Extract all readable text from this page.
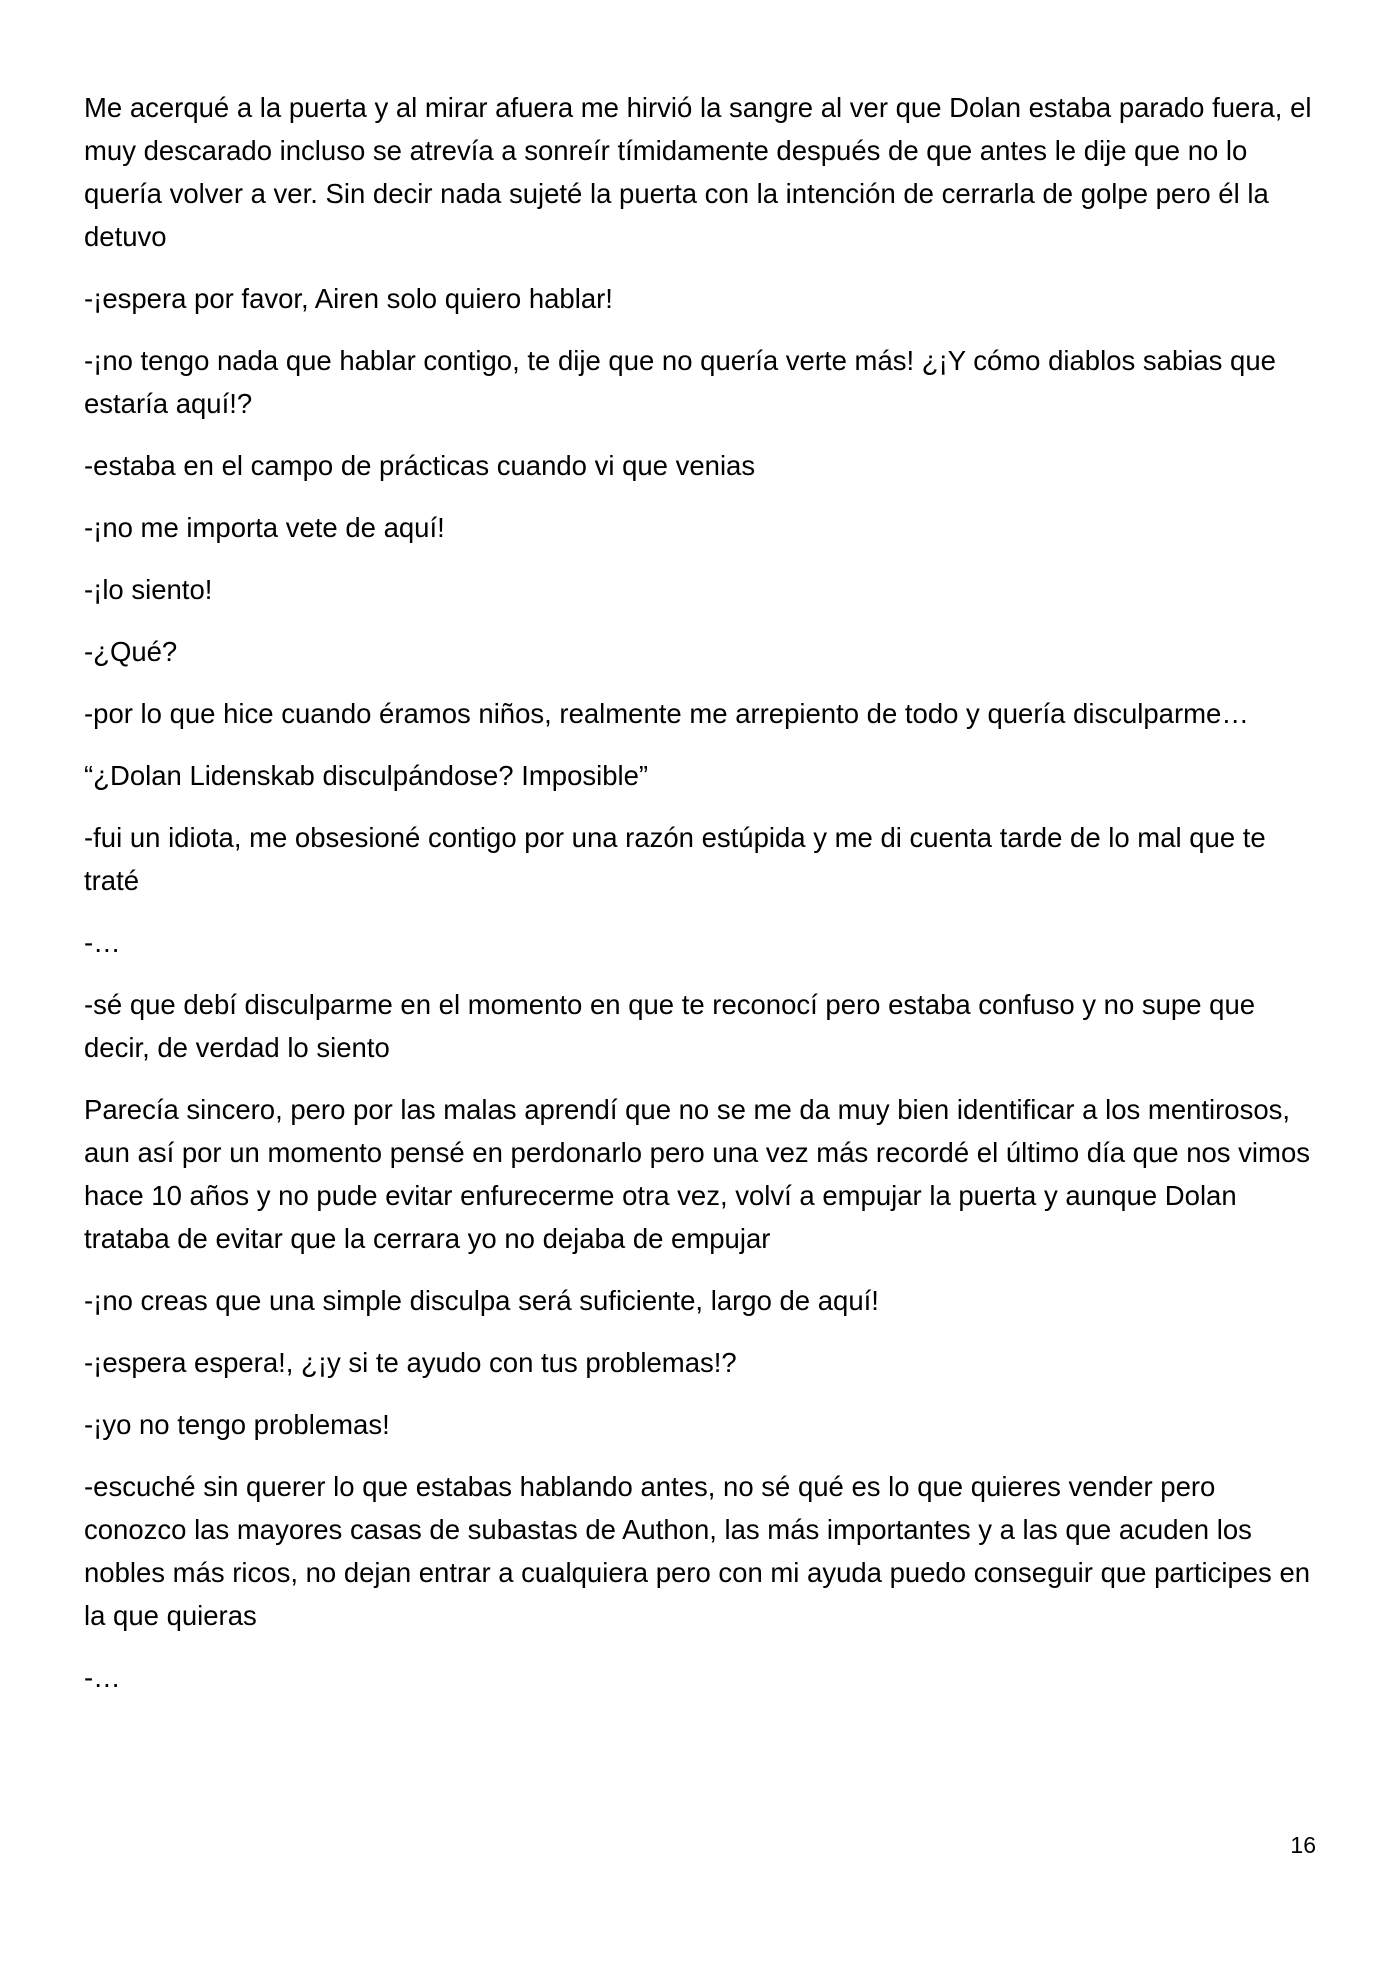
Me acerqué a la puerta y al mirar afuera me hirvió la sangre al ver que Dolan estaba parado fuera, el muy descarado incluso se atrevía a sonreír tímidamente después de que antes le dije que no lo quería volver a ver. Sin decir nada sujeté la puerta con la intención de cerrarla de golpe pero él la detuvo

-¡espera por favor, Airen solo quiero hablar!

-¡no tengo nada que hablar contigo, te dije que no quería verte más! ¿¡Y cómo diablos sabias que estaría aquí!?

-estaba en el campo de prácticas cuando vi que venias

-¡no me importa vete de aquí!

-¡lo siento!

-¿Qué?

-por lo que hice cuando éramos niños, realmente me arrepiento de todo y quería disculparme…

“¿Dolan Lidenskab disculpándose? Imposible”

-fui un idiota, me obsesioné contigo por una razón estúpida y me di cuenta tarde de lo mal que te traté

-…

-sé que debí disculparme en el momento en que te reconocí pero estaba confuso y no supe que decir, de verdad lo siento

Parecía sincero, pero por las malas aprendí que no se me da muy bien identificar a los mentirosos, aun así por un momento pensé en perdonarlo pero una vez más recordé el último día que nos vimos hace 10 años y no pude evitar enfurecerme otra vez, volví a empujar la puerta y aunque Dolan trataba de evitar que la cerrara yo no dejaba de empujar

-¡no creas que una simple disculpa será suficiente, largo de aquí!

-¡espera espera!, ¿¡y si te ayudo con tus problemas!?

-¡yo no tengo problemas!

-escuché sin querer lo que estabas hablando antes, no sé qué es lo que quieres vender pero conozco las mayores casas de subastas de Authon, las más importantes y a las que acuden los nobles más ricos, no dejan entrar a cualquiera pero con mi ayuda puedo conseguir que participes en la que quieras

-…

16
